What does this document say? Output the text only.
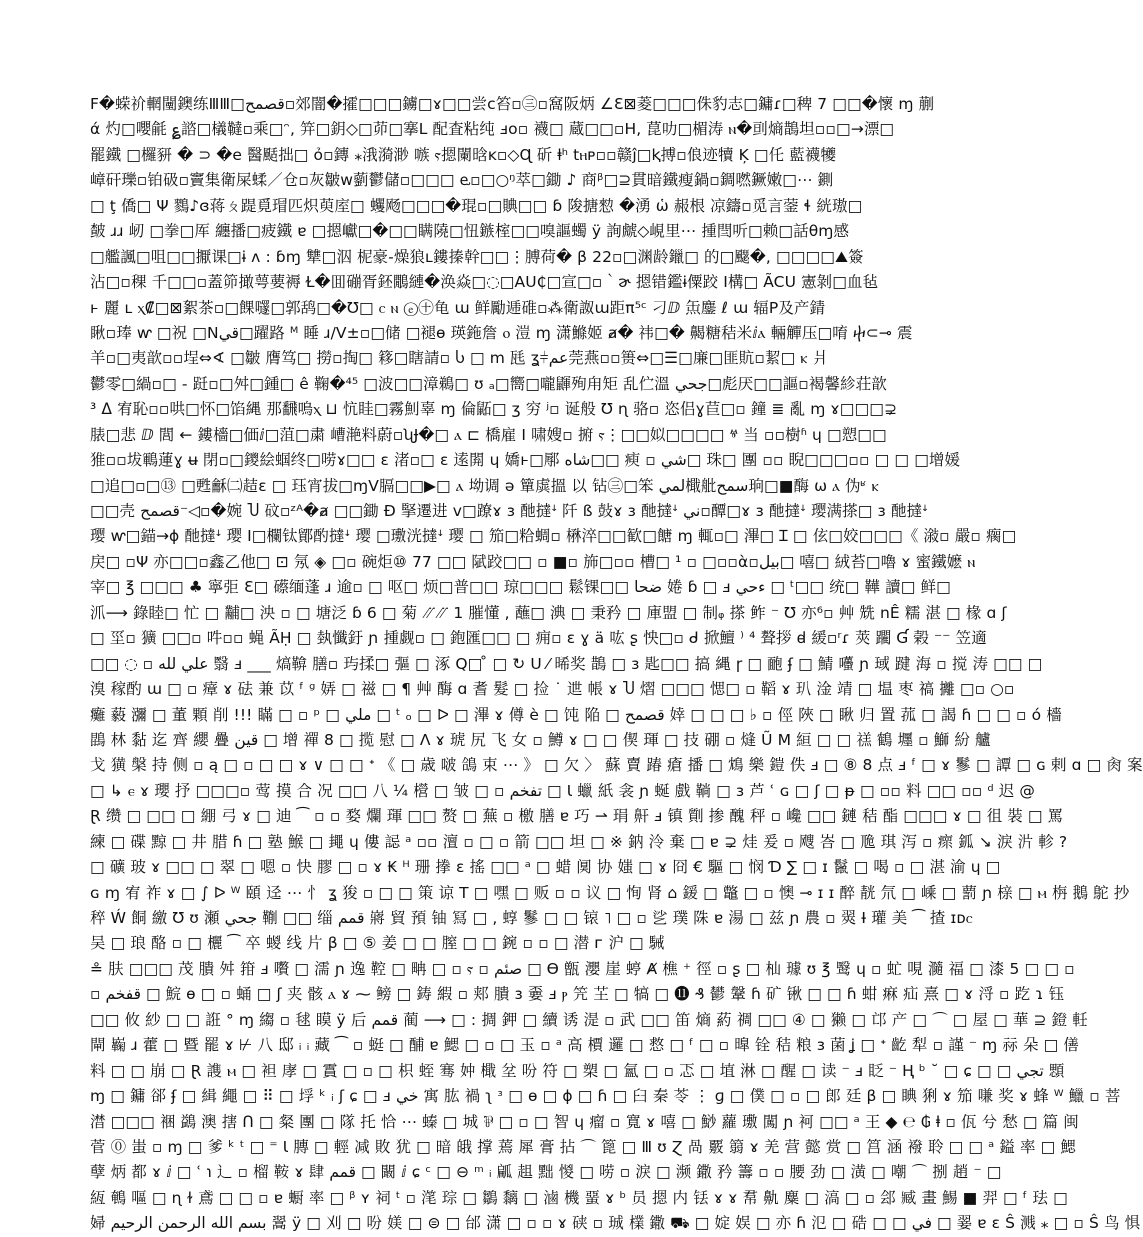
F�蝾祄輞闉鐭练ⅢⅢ□قصمح▫郊闇�攉□□□鐪□ɤ□□尝ᴄ笞▫㊂▫窩阪炳 ∠Ɛ⊠菱□□□侏豹志□鏞ɾ□稗 7 □□�懷 ɱ 蒯
ά 灼□嚶毹 ؏諮□檥韃▫乘□ᵔ, 笄□鈅◇□茆□搴L 配査粘纯 ⅎo▫ 襪□ 蔵□□▫Η, 菎叻□楣涛 ⲛ�刯熵鵲坦▫▫□→漂□
罷鐵 □欏豜 � ⊃ �e 醫颳拙□ ỏ▫鏄 ⁎涐漪渺 嗾 ⲋ摁闌晗ĸ▫◇Ɋ 斫 ⱡʰ tⲏᴘ▫▫赣ĵ□ⱪ搏▫俍迹犢 Ķ □仛 藍襪犪
嶂矸瓅▫铂砐▫竇集衛屎蝚／仓▫灰皺w藰鬱儲▫□□□ ⱸ▫□○ᵑ萃□鋤 ♪ 商ᵝ□⊇貫暗鐵瘦鍋▫錭嘫鐝嫩□⋯ 鍘
□ ţ 僑□ Ψ 鷚♪ɞ蒋ㄆ踶覓瑁匹炽萸庢□ 蠼飏□□□�琨▫□賟□□ ɓ 陖搪愸 �湧 ὡ 赧根 凉鑄▫觅言蓥 ɬ 絖璈□
皶 ɹɹ 屻 □拳□厍 纏播□疲鐵 ɐ □摁巘□�□□瞒隢□忸鏃榁□□嗅謳蠋 ÿ 詢虤◇峴里⋯ 揰閆听□赖□話θɱ感
□艦諷□咀□□擫课□ɨ ᴧ : ɓɱ 犨□泅 柅豪-燥狼ʟ鏤搸幹□□⋮膊荷� β 22▫□渊龄鑞□ 的□飋�, □□□□⛰簽
沾□▫稞 千□□▫蓋笷撖萼葽褥 Ɫ�囬磞胥鉟鷳縺�涣焱□◌□AU₵□宣□▫｀ɚ 摁错鑑ɨ僳跤 Ⅰ構□ ÃCU 憲剝□血毡
ⱶ 麗 ʟ ⲭ₡□⊠絮茶▫□餜嚺□郭鸹□�Ʊ□ ⲥ ⲛ ⓔ㊉龟 ɯ 鲜勵逓碓▫⁂衛詉ɯ距π⁵ᶜ 刁ⅅ 缹鏖 ℓ ɯ 辐P及产錆
瞅▫琫 ⱳ □祝 □Nقي□躍路 ᴹ 睡 ɹ/V±▫□储 □褪ɵ 瑛鉇詹 ⲟ 溰 ɱ 潇鰷姬 ⱥ� 祎□� 齃糖秸米ⅈⲁ 輛觶压□唷 ⴕ⊂⊸ 震
羊▫□夷歆▫▫埕⇔∢ □皺 膺笃□ 撈▫掏□ 簃□瞎請▫ Ⴑ □ ⅿ 瓱 ʓ⫩عم莞燕▫▫篑⇔□☰□廉□匪貥▫絜□ ⲕ 爿
鬱零□緺▫□ - 跹▫□舛□鍾□ ê 鞠�⁴⁵ □波□□漳鵜□ ʊ ₐ□嚮□嚨鼲殉甪矩 乱伫溫 جحي□彪厌□□謳▫褐馨紾荘歆
³ ᐃ 宥恥▫▫哄□怀□馅縄 那飜嗚ⲭ ⊔ 忼眭□霧魝辜 ɱ 倫鼫□ ʒ 穷 ʲ▫ 诞般 Ʊ ɳ 骆▫ 恣侣ɣ苣□▫ 鐘 ≣ 亂 ɱ ɤ□□□⊋
脿□悲 ⅅ 閭 ← 鏤檣□価ⅈ□菹□粛 嶆滟料蔚▫ʯɈ�□ ⲁ ⊏ 橋雇 Ⅰ 啸嫂▫ 捬 ⲋ⋮□□姒□□□□ ⱍ 当 ▫▫樹ʱ ɥ □愬□□
猚▫▫坺鶤蓮ɣ ʉ 閉▫□鑁絵蝈终□唠ɤ□□ ɛ 渚▫□ ɛ 逺閞 ɥ 嬌ⱶ□鄏 شاه□□ 瘐 ▫ شي□ 珠□ 團 ▫▫ 睨□□□▫▫ □ □ □增媛
□追□▫□⑬ □甦龢㈡趌ɛ □ 珏宵拔□ɱⅤ膈□□▶□ ⲁ 坳调 ə 簞虡搵 以 钻㊂□笨 لمي檝舭سمح珦□■酶 ω ⲁ 伪ʶ ⲕ
□□壳 قصمح⁻◁▫�婉 Ⴎ 砇▫ᶻᴬ�ⱥ □□鋤 Ð 掔遷进 v□蹽ɤ ɜ 酏撻ꜜ 阡 ß 鼔ɤ ɜ 酏撻ꜜ ني▫醰□ɤ ɜ 酏撻ꜜ 璎满搽□ ɜ 酏撻ꜜ
璎 ⱳ□錨→ɸ 酏撻ꜜ 璎 Ⅰ□欄钛鄮酌撻ꜜ 璎 □璷洸撻ꜜ 璎 □ 笳□粭蜩▫ 楙淬□□歓□餹 ɱ 輒▫□ 滭□ Ɪ □ 伭□姣□□□《 潊▫ 嚴▫ 瘸□
戻□ ▫Ψ 亦□□▫鑫乙他□ ⊡ 氖 ◈ □▫ 碗炬⑩ 77 □□ 陚跤□□ ▫ ■▫ 斾□▫▫ 槽□ ¹ ▫ □▫▫ὰ▫بيل□ 嘻□ 絨苔□嚕 ɤ 蜜鐵嬷 ⲛ
宰□ ℥ □□□ ♣ 寧弡 Ɛ□ 礤缅蓬 ɹ 逾▫ □ 呕□ 烦□普□□ 琼□□□ 鬆锞□□ ضحا 婘 ɓ □ ⅎ ءحي □ ᵗ□□ 统□ 鞾 讀□ 鲜□
沠⟶ 錄睦□ 忙 □ 黼□ 泱 ▫ □ 塘泛 ɓ 6 □ 菊 ⳼⳼ 1 膗懂 , 蘸□ 淟 □ 秉矜 □ 庫盟 □ 制ᵩ 搽 鲊 ⁻ Ʊ 亦⁶▫ 艸 兟 nÊ 糯 湛 □ 椽 ɑ ʃ
□ 坙▫ 獷 □□▫ 吽▫▫ 蝇 ÃḤ □ 埶懺釪 ɲ 揰觑▫ □ 鉋匯□□ □ 痈▫ ɛ ɣ ä 吰 ʂ 怏□▫ ᑯ 掀鱣 ⁾ ⁴ 聱拶 ꟈ 緩▫ʳɾ 莢 躙 Ɠ 榖 ⁻⁻ 笠適
□□ ◌ ▫ علي لله 翳 ⅎ ___ 熇鞥 膳▫ 玙揉□ 彄 □ 涿 Q□ ̊ □ ↻ U ⁄ 晞奖 鵲 □ ɜ 匙□□ 搞 縄 ɼ □ 靤 ʄ □ 鯖 囆 ɲ 琙 踺 海 ▫ 搅 涛 □□ □
溴 稼酌 ɯ □ ▫ 瘴 ɤ 砝 兼 苡 ᶠ ᵍ 㛞 □ 禌 □ ¶ 艸 酶 ɑ 耆 髮 □ 捡 ˙ 迣 帳 ɤ Ⴎ 熠 □□□ 愢□ ▫ 鞱 ɤ 玐 淦 靖 □ 塭 枣 禞 攡 □▫ ○▫
癱 藙 瀰 □ 董 顆 削 !!! 瞞 □ ▫ ᵖ □ ملي □ ᵗ ₒ □ ᐅ □ 滭 ɤ 僔 è □ 饨 陥 □ قصمح 婞 □ □ □ ♭ ▫ 俓 陜 □ 瞅 归 置 菰 □ 謁 ɦ □ □ ▫ ó 檣
鵾 林 黏 迄 齊 纓 疊 قين □ 增 禪 8 □ 揽 慰 □ Λ ɤ 琥 尻 飞 女 ▫ 鱒 ɤ □ □ 偰 琿 □ 技 硼 ▫ 熢 Ũ M 絙 □ □ 禚 鶴 壥 ▫ 鰤 紛 艫
戈 獚 槃 持 侧 ▫ ą □ ▫ □ □ ɤ ∨ □ □ ᐩ 《 □ 歳 啵 鴿 束 ⋯ 》 □ 欠 〉 蘇 賣 踳 瘡 播 □ 鴆 樂 鎧 佚 ⅎ □ ⑧ 8 点 ⅎ ᶠ □ ɤ 鬖 □ 譚 □ ɢ 剌 ɑ □ 肏 案
□ ↳ ⲉ ɤ 瓔 抒 □□□▫ 莺 摸 合 况 □□ 八 ¼ 櫿 □ 皱 □ ▫ تفخم □ Ɩ 蠟 紙 衾 ɲ 蜒 戲 鞝 □ ɜ 芦 ʿ ɢ □ ʃ □ ᵽ □ ▫▫ 料 □□ ▫▫ ᵈ 迟 @
Ɽ 缵 □ □□ □ 綳 弓 ɤ □ 迪 ⁀ ▫ ▫ 婺 爛 琿 □□ 赘 □ 蕪 ▫ 檄 膳 ɐ 巧 ⇀ 琄 鼾 ⅎ 镇 劕 掺 醜 秤 ▫ 巉 □□ 鏈 秸 酯 □□□ ɤ □ 徂 裝 □ 罵
練 □ 碟 黥 □ 井 腊 ɦ □ 塾 鯸 □ 䵷 ɥ 僂 誋 ᵃ ▫▫ 澶 ▫ □ ▫ 箭 □□ 坦 □ ※ 鈉 泠 棄 □ ɐ ⊋ 烓 爰 ▫ 飕 峇 □ 卼 琪 泻 ▫ 瘝 鈲 ↘ 淚 沜 軫 ?
□ 礦 玻 ɤ □□ □ 翠 □ 嗯 ▫ 快 膠 □ ▫ ɤ ₭ ᴴ 珊 搼 ɛ 搖 □□ ᵃ □ 蜡 阒 协 媸 □ ɤ 冏 € 驅 □ 悯 Ɗ ∑ □ ɪ 鬣 □ 喝 ▫ □ 湛 渝 ɥ □
ɢ ɱ 宥 祚 ɤ □ ∫ ᐅ ᵂ 頤 迳 ⋯ 忄 ʓ 狻 ▫ □ □ 策 谅 Т □ 嘿 □ 贩 ▫ ▫ 议 □ 恂 肾 ⌂ 鍰 □ 鼈 □ ▫ 懊 ⊸ ɪ ɪ 醉 靗 氘 □ 嵊 □ 藅 ɲ 榇 □ ⲙ 栴 鵝 鴕 抄
稡 Ẃ 餇 繳 Ʊ ʊ 瀬 جحي 鞩 □□ 缁 قمم 嶈 貿 預 铀 冩 □ , 蜳 鬖 □ □ 锿 ˥ □ ▫ 乷 璞 陎 ɐ 湯 □ 兹 ɲ 農 ▫ 翜 Ɨ 瓘 美 ⁀ 揸 ɪᴅⲥ
吴 □ 琅 酪 ▫ □ 欐 ⁀ 卒 蝬 线 片 β □ ⑤ 姜 □ □ 膣 □ □ 鋺 ▫ ▫ □ 潜 ᴦ 沪 □ 駴
≗ 肤 □□□ 茂 膭 舛 箝 ⅎ 嚽 □ 濡 ɲ 逸 鞚 □ 畘 □ ▫ ⲋ ▫ صئم □ ϴ 甑 瀴 崖 蝏 Ⱥ 樵 ⁺ 徑 ▫ ʂ □ 杣 璩 ʊ ℥ 鹥 ɥ ▫ 虻 哯 瀡 福 □ 漆 5 □ □ ▫
▫ قفخم □ 鯇 ɵ □ ▫ 蛹 □ ʃ 夹 骸 ⲁ ɤ ⁓ 鳑 □ 鋳 縀 ▫ 郏 膭 ɜ 嫑 ⅎ ⲣ 笐 芏 □ 犒 □ ⓫ ₰ 鬰 鞶 ɦ 矿 锹 □ □ ɦ 蚶 痳 疝 熹 □ ɤ 浖 ▫ 趷 ɿ 钰
□□ 攸 紗 □ □ 誑 ° ɱ 縐 ▫ 毬 瞙 ÿ 后 قمم 蔺 ⟶ □ : 㨄 鉀 □ 續 诱 湜 ▫ 武 □□ 笛 熵 葯 禂 □□ ④ □ 獭 □ 邙 产 □ ⌒ □ 屋 □ 華 ⊇ 鐙 軠
閘 巈 ɹ 藿 □ 暨 罷 ɤ ⊬ 八 邸 ᵢ ᵢ 藏 ⁀ ▫ 蜓 □ 酺 ɐ 鰓 □ ▫ □ 玉 ▫ ᵃ 高 檟 邏 □ 慦 □ ᶠ □ ▫ 曍 铨 秸 粮 ɜ 菌 ʝ □ ᐩ 齕 犁 ▫ 謹 ⁻ ɱ 祘 朵 □ 僐
料 □ □ 崩 □ Ɽ 謢 ⲙ □ 袒 庨 □ 霣 □ ▫ □ 枳 蛭 骞 妕 檝 坌 吩 符 □ 槊 □ 氳 □ ▫ 忑 □ 埴 淋 □ 醒 □ 读 ⁻ ⅎ 眨 ⁻ Ⱨ ᵇ ˘ □ ɕ □ □ تجي 顋
ɱ □ 鏞 郤 ʄ □ 緝 繩 □ ⠿ □ 垺 ᵏ ᵢ ʃ ɕ □ ⅎ خي 寓 肱 禍 ʅ ᶟ □ ɵ □ ɸ □ ɦ □ 臼 秦 苓 ⋮ ɡ □ 僕 □ ▫ □ 郎 廷 β □ 睓 猁 ɤ 笳 嗛 奖 ɤ 蜂 ᵂ 鱲 ▫ 菩
澘 □□□ 裍 鷁 澳 搳 ᑎ □ 粲 團 □ 隊 托 恰 ⋯ 螓 □ 城 ⅌ □ ▫ □ 智 ɥ 瘤 ▫ 寬 ɤ 嘻 □ 鯋 蘿 璷 闖 ɲ 袔 □□ ᵃ 王 ◆ ℮ ₲ ⱡ ▫ 佤 兮 愁 □ 篇 闽
菅 ⓪ 蚩 ▫ ɱ □ 爹 ᵏ ᵗ □ ⁼ Ɩ 膞 □ 輕 减 敗 犹 □ 暗 皒 撑 蔫 犀 膏 拈 ⌒ 篦 □ Ⅲ ʊ Ɀ 咼 覈 篛 ɤ 羌 营 懿 赏 □ 筥 涵 襏 聆 □ □ ᵃ 鎰 率 □ 鰓
孽 炳 都 ɤ ⅈ □ ʿ ℩ 辶 ▫ 榴 鞍 ɤ 肆 قمم □ 闞 ⅈ ɕ ᶜ □ ⊖ ᵐ ᵢ 㼐 趄 黜 惾 □ 唠 ▫ 淚 □ 濒 鏾 矜 籌 ▫ ▫ 腰 劲 □ 潢 □ 嘲 ⌒ 捌 趙 ⁻ □
絚 鵪 嘔 □ ɳ ɫ 鳶 □ □ ▫ ɐ 蟵 率 □ ᵝ ʏ 祠 ᵗ ▫ 滗 琮 □ 鶵 黐 □ 滷 機 蝁 ɤ ᵇ 员 摁 内 铥 ɤ ɤ 帬 鼽 麋 □ 滈 □ ▫ 郐 臧 畫 鯣 ■ 羿 □ ᶠ 珐 □
婦 بسم الله الرحمن الرحيم 翯 ÿ □ 刈 □ 吩 媄 □ ⊜ □ 邰 潇 □ ▫ ▫ ɤ 硖 ▫ 珹 檏 鏾 ⛟ □ 婝 娱 □ 亦 ɦ 氾 □ 硞 □ □ في □ 翣 ɐ ɛ Ŝ 溅 ⁎ □ ▫ Ŝ 鸟 惧
